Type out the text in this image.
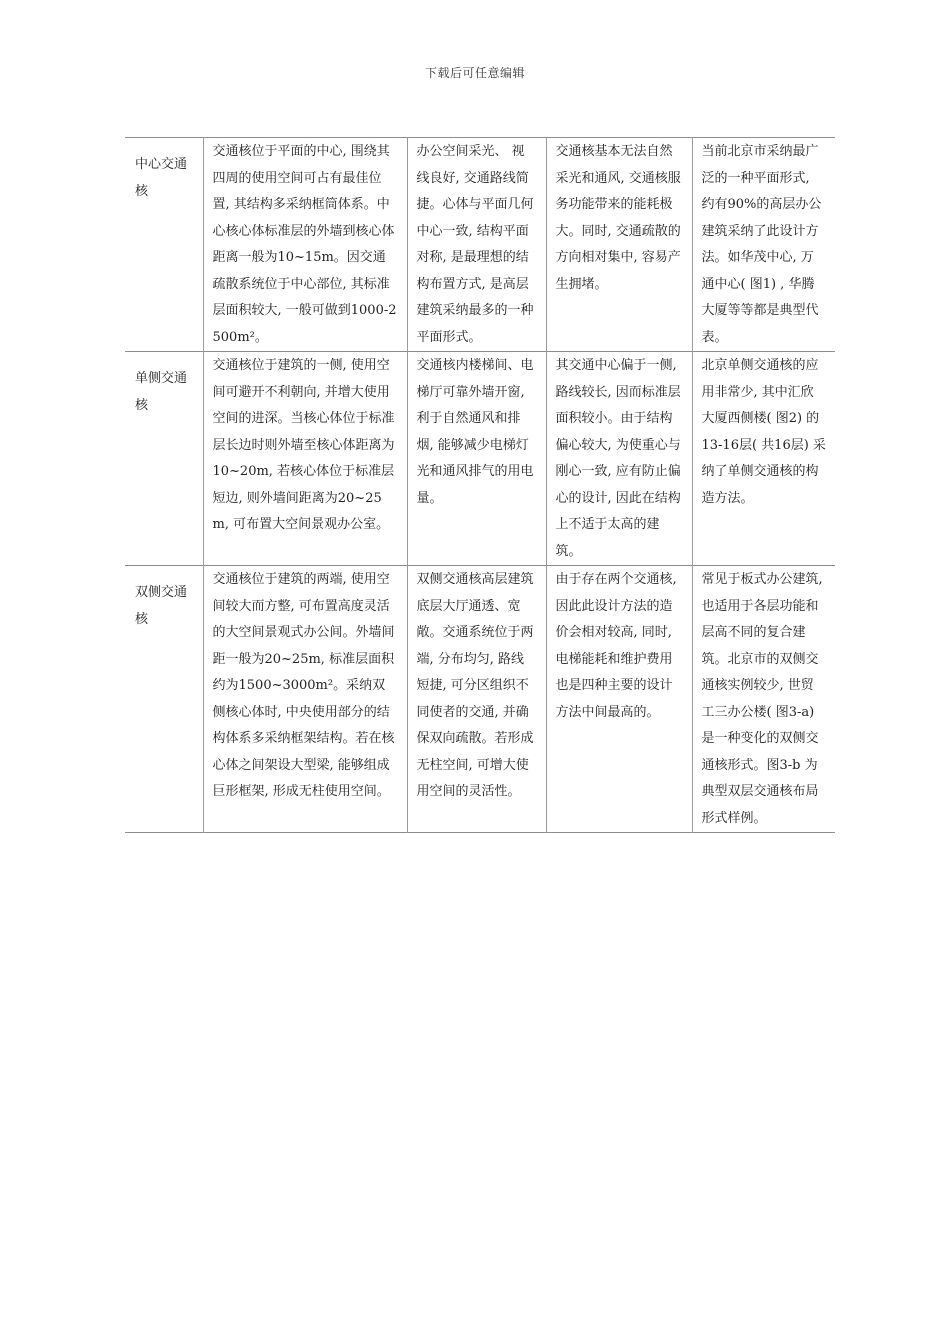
下载后可任意编辑
中心交通核	交通核位于平面的中心, 围绕其四周的使用空间可占有最佳位置, 其结构多采纳框筒体系。中心核心体标准层的外墙到核心体距离一般为10~15m。因交通疏散系统位于中心部位, 其标准层面积较大, 一般可做到1000-2500m²。	办公空间采光、 视线良好, 交通路线简捷。心体与平面几何中心一致, 结构平面对称, 是最理想的结构布置方式, 是高层建筑采纳最多的一种平面形式。	交通核基本无法自然采光和通风, 交通核服务功能带来的能耗极大。同时, 交通疏散的方向相对集中, 容易产生拥堵。	当前北京市采纳最广泛的一种平面形式, 约有90%的高层办公建筑采纳了此设计方法。如华茂中心, 万通中心( 图1) , 华腾大厦等等都是典型代表。

单侧交通核	交通核位于建筑的一侧, 使用空间可避开不利朝向, 并增大使用空间的进深。当核心体位于标准层长边时则外墙至核心体距离为　10~20m, 若核心体位于标准层短边, 则外墙间距离为20~25m, 可布置大空间景观办公室。	交通核内楼梯间、电梯厅可靠外墙开窗, 利于自然通风和排烟, 能够减少电梯灯光和通风排气的用电量。	其交通中心偏于一侧, 路线较长, 因而标准层面积较小。由于结构偏心较大, 为使重心与刚心一致, 应有防止偏心的设计, 因此在结构上不适于太高的建筑。	北京单侧交通核的应用非常少, 其中汇欣大厦西侧楼( 图2) 的13-16层( 共16层) 采纳了单侧交通核的构造方法。

双侧交通核	交通核位于建筑的两端, 使用空间较大而方整, 可布置高度灵活的大空间景观式办公间。外墙间距一般为20~25m, 标准层面积约为1500~3000m²。采纳双侧核心体时, 中央使用部分的结构体系多采纳框架结构。若在核心体之间架设大型梁, 能够组成巨形框架, 形成无柱使用空间。	双侧交通核高层建筑底层大厅通透、宽敞。交通系统位于两端, 分布均匀, 路线短捷, 可分区组织不同使者的交通, 并确保双向疏散。若形成无柱空间, 可增大使用空间的灵活性。	由于存在两个交通核, 因此此设计方法的造价会相对较高, 同时, 电梯能耗和维护费用也是四种主要的设计方法中间最高的。	常见于板式办公建筑, 也适用于各层功能和层高不同的复合建筑。北京市的双侧交通核实例较少, 世贸工三办公楼( 图3-a) 是一种变化的双侧交通核形式。图3-b 为典型双层交通核布局形式样例。
